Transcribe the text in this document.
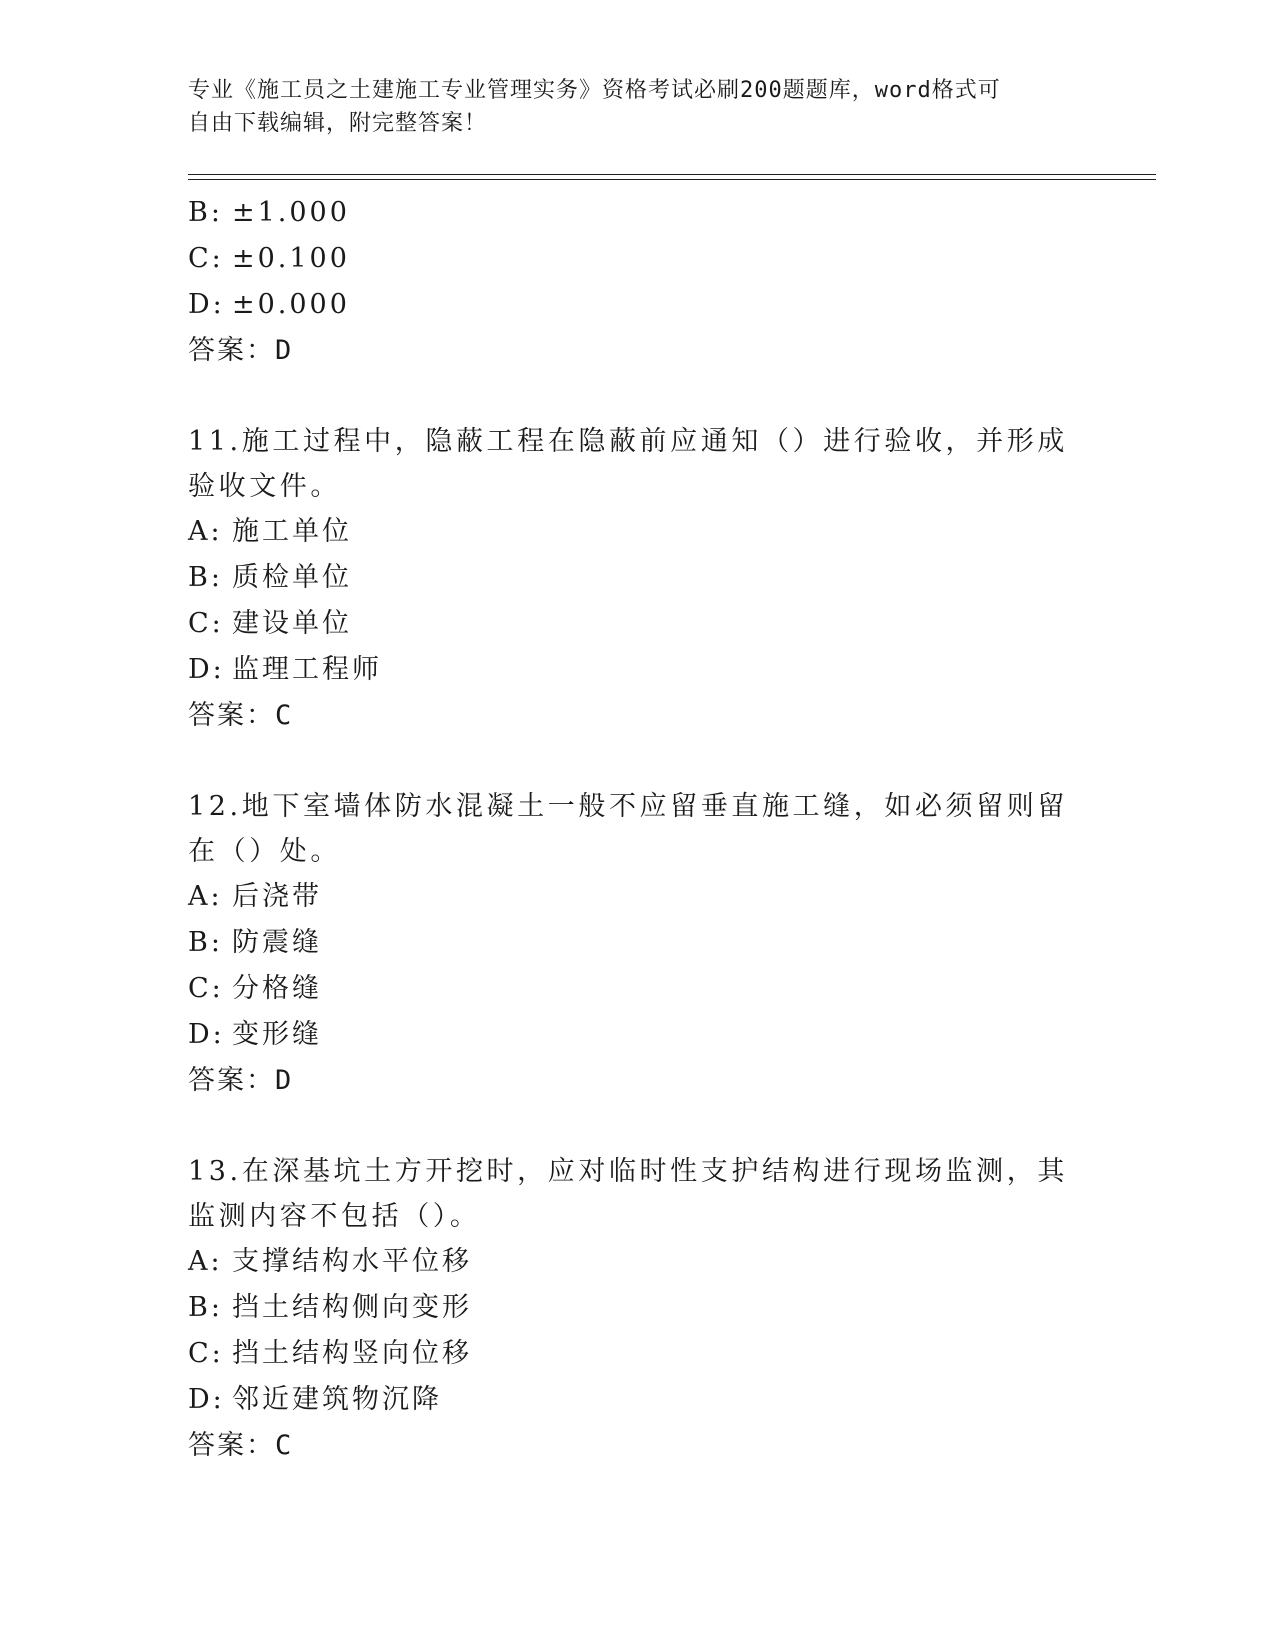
专业《施工员之土建施工专业管理实务》资格考试必刷200题题库，word格式可
自由下载编辑，附完整答案！

B: ±1.000

C: ±0.100

D: ±0.000

答案：D

11.施工过程中，隐蔽工程在隐蔽前应通知（）进行验收，并形成验收文件。

A: 施工单位

B: 质检单位

C: 建设单位

D: 监理工程师

答案：C

12.地下室墙体防水混凝土一般不应留垂直施工缝，如必须留则留在（）处。

A: 后浇带

B: 防震缝

C: 分格缝

D: 变形缝

答案：D

13.在深基坑土方开挖时，应对临时性支护结构进行现场监测，其监测内容不包括（）。

A: 支撑结构水平位移

B: 挡土结构侧向变形

C: 挡土结构竖向位移

D: 邻近建筑物沉降

答案：C
